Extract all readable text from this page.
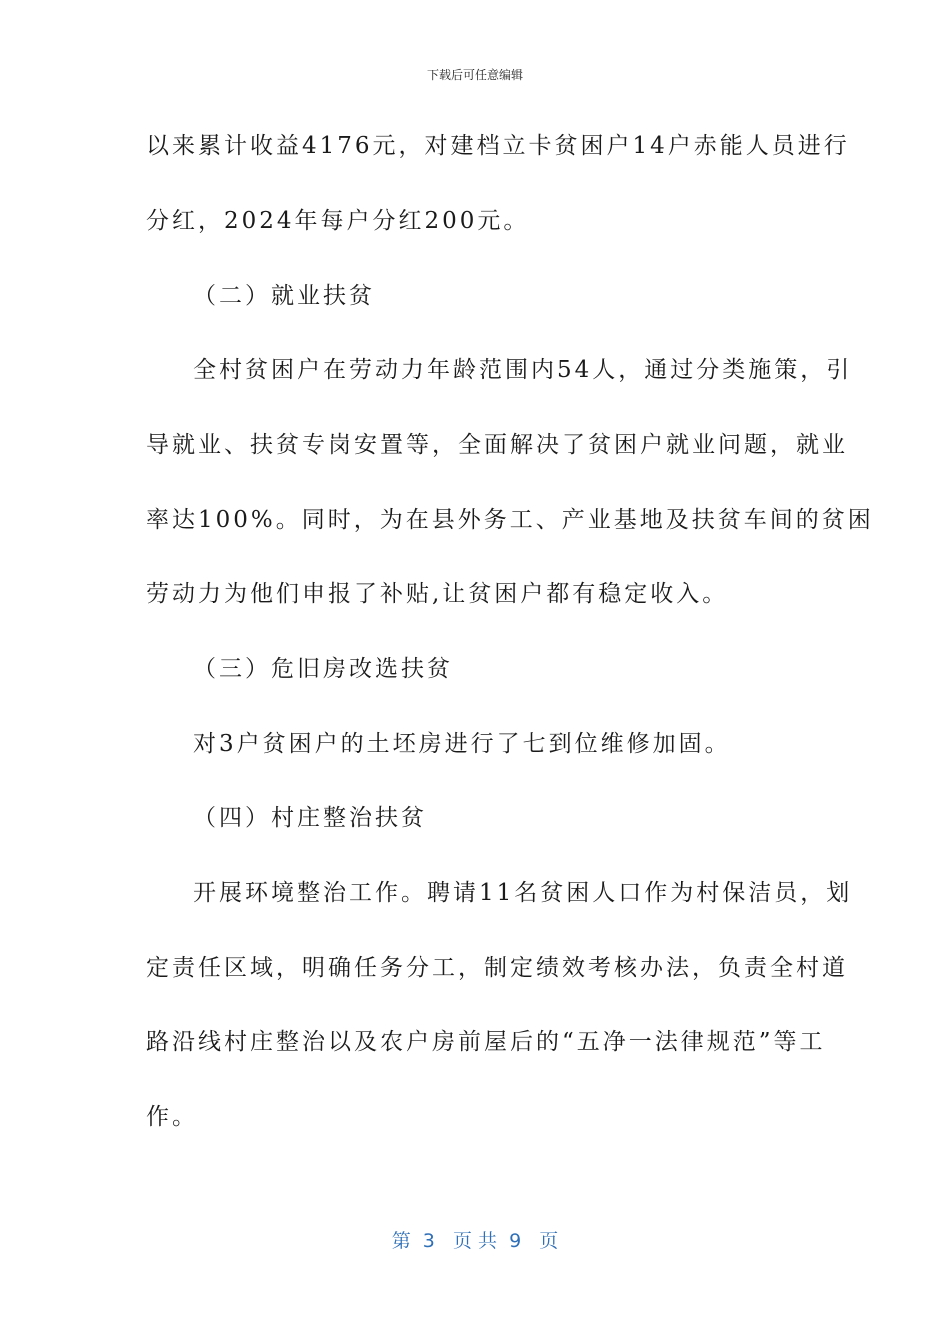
下载后可任意编辑
以来累计收益4176元，对建档立卡贫困户14户赤能人员进行
分红，2024年每户分红200元。
（二）就业扶贫
全村贫困户在劳动力年龄范围内54人，通过分类施策，引
导就业、扶贫专岗安置等，全面解决了贫困户就业问题，就业
率达100%。同时，为在县外务工、产业基地及扶贫车间的贫困
劳动力为他们申报了补贴,让贫困户都有稳定收入。
（三）危旧房改选扶贫
对3户贫困户的土坯房进行了七到位维修加固。
（四）村庄整治扶贫
开展环境整治工作。聘请11名贫困人口作为村保洁员，划
定责任区域，明确任务分工，制定绩效考核办法，负责全村道
路沿线村庄整治以及农户房前屋后的“五净一法律规范”等工
作。
第  3   页 共  9   页
